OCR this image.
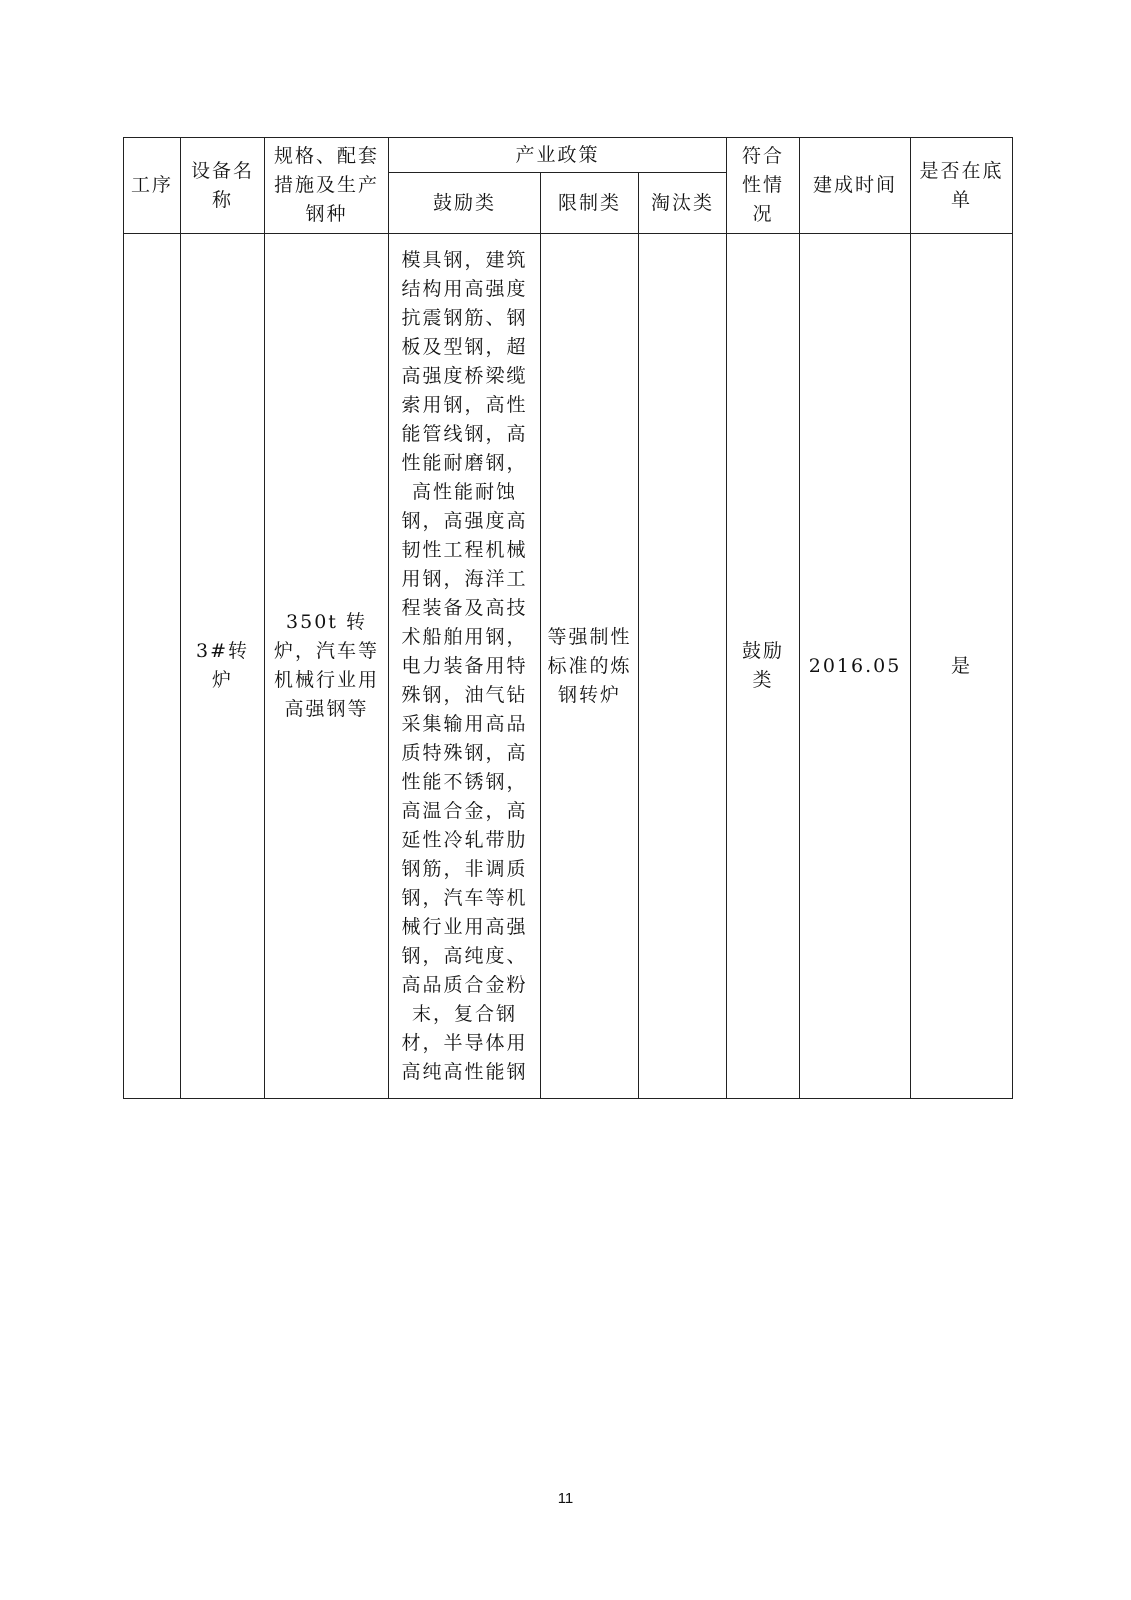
工序	设备名称	规格、配套措施及生产钢种	产业政策			符合性情况	建成时间	是否在底单
			鼓励类	限制类	淘汰类			
	3#转炉	350t 转炉，汽车等机械行业用高强钢等	模具钢，建筑结构用高强度抗震钢筋、钢板及型钢，超高强度桥梁缆索用钢，高性能管线钢，高性能耐磨钢，高性能耐蚀钢，高强度高韧性工程机械用钢，海洋工程装备及高技术船舶用钢，电力装备用特殊钢，油气钻采集输用高品质特殊钢，高性能不锈钢，高温合金，高延性冷轧带肋钢筋，非调质钢，汽车等机械行业用高强钢，高纯度、高品质合金粉末，复合钢材，半导体用高纯高性能钢	等强制性标准的炼钢转炉		鼓励类	2016.05	是
11
